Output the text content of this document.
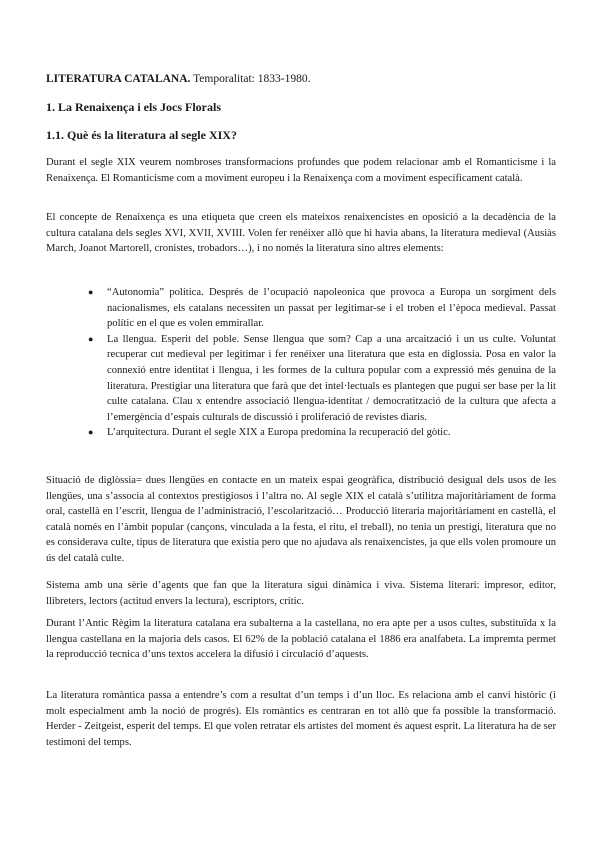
LITERATURA CATALANA. Temporalitat: 1833-1980.
1. La Renaixença i els Jocs Florals
1.1. Què és la literatura al segle XIX?
Durant el segle XIX veurem nombroses transformacions profundes que podem relacionar amb el Romanticisme i la Renaixença. El Romanticisme com a moviment europeu i la Renaixença com a moviment específicament català.
El concepte de Renaixença es una etiqueta que creen els mateixos renaixencistes en oposició a la decadència de la cultura catalana dels segles XVI, XVII, XVIII. Volen fer renéixer allò que hi havia abans, la literatura medieval (Ausiàs March, Joanot Martorell, cronistes, trobadors…), i no només la literatura sino altres elements:
● “Autonomia” política. Després de l’ocupació napoleonica que provoca a Europa un sorgiment dels nacionalismes, els catalans necessiten un passat per legitimar-se i el troben el l’època medieval. Passat polític en el que es volen emmirallar.
● La llengua. Esperit del poble. Sense llengua que som? Cap a una arcaització i un us culte. Voluntat recuperar cut medieval per legitimar i fer renéixer una literatura que esta en diglossia. Posa en valor la connexió entre identitat i llengua, i les formes de la cultura popular com a expressió més genuina de la literatura. Prestigiar una literatura que farà que det intel·lectuals es plantegen que pugui ser base per la lit culte catalana. Clau x entendre associació llengua-identitat / democratització de la cultura que afecta a l’emergència d’espais culturals de discussió i proliferació de revistes diaris.
● L’arquitectura. Durant el segle XIX a Europa predomina la recuperació del gòtic.
Situació de diglòssia= dues llengües en contacte en un mateix espai geogràfica, distribució desigual dels usos de les llengües, una s’associa al contextos prestigiosos i l’altra no. Al segle XIX el català s’utilitza majoritàriament de forma oral, castellà en l’escrit, llengua de l’administració, l’escolarització… Producció literaria majoritàriament en castellà, el català només en l’àmbit popular (cançons, vinculada a la festa, el ritu, el treball), no tenia un prestigi, literatura que no es considerava culte, tipus de literatura que existia pero que no ajudava als renaixencistes, ja que ells volen promoure un ús del català culte.
Sistema amb una sèrie d’agents que fan que la literatura sigui dinàmica i viva. Sistema literari: impresor, editor, llibreters, lectors (actitud envers la lectura), escriptors, crític.
Durant l’Antic Règim la literatura catalana era subalterna a la castellana, no era apte per a usos cultes, substituïda x la llengua castellana en la majoria dels casos. El 62% de la població catalana el 1886 era analfabeta. La impremta permet la reproducció tecnica d’uns textos accelera la difusió i circulació d’aquests.
La literatura romàntica passa a entendre’s com a resultat d’un temps i d’un lloc. Es relaciona amb el canvi històric (i molt especialment amb la noció de progrés). Els romàntics es centraran en tot allò que fa possible la transformació. Herder - Zeitgeist, esperit del temps. El que volen retratar els artistes del moment és aquest esprit. La literatura ha de ser testimoni del temps.
